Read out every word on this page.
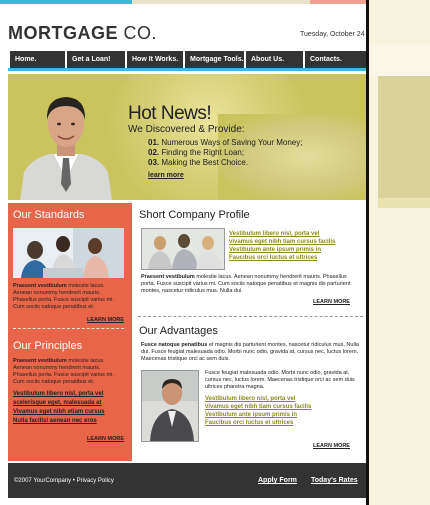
MORTGAGE CO.	Tuesday, October 24
Home.	Get a Loan!	How It Works.	Mortgage Tools.	About Us.	Contacts.
Hot News!
We Discovered & Provide:
01. Numerous Ways of Saving Your Money;
02. Finding the Right Loan;
03. Making the Best Choice.
learn more
Our Standards
Praesent vestibulum molestie lacus. Aenean nonummy hendrerit mauris. Phasellus porta. Fusce suscipit varius mi. Cum sociis natoque penatibus et.
LEARN MORE
Our Principles
Praesent vestibulum molestie lacus. Aenean nonummy hendrerit mauris. Phasellus porta. Fusce suscipit varius mi. Cum sociis natoque penatibus et.
Vestibulum libero nisl, porta vel
scelerisque eget, malesuada at
Vivamus eget nibh etiam cursus
Nulla facilisi aenean nec eros
LEARN MORE
Short Company Profile
Vestibulum libero nisl, porta vel
vivamus eget nibh tiam cursus facilis
Vestibulum ante ipsum primis in
Faucibus orci luctus et ultrices
Praesent vestibulum molestie lacus. Aenean nonummy hendrerit mauris. Phasellus porta. Fusce suscipit varius mi. Cum sociis natoque penatibus et magnis dis parturient montes, nascetur ridiculus mus. Nulla dui.
LEARN MORE
Our Advantages
Fusce natoque penatibus et magnis dis parturient montes, nascetur ridiculus mus. Nulla dui. Fusce feugiat malesuada odio. Morbi nunc odio, gravida at, cursus nec, luctus lorem. Maecenas tristique orci ac sem duis.
Fusce feugiat malesuada odio. Morbi nunc odio, gravida at, cursus nec, luctus lorem. Maecenas tristique orci ac sem duis ultrices pharetra magna.
Vestibulum libero nisl, porta vel
vivamus eget nibh tiam cursus facilis
Vestibulum ante ipsum primis in
Faucibus orci luctus et ultrices
LEARN MORE
©2007 YourCompany • Privacy Policy	Apply Form Today's Rates
